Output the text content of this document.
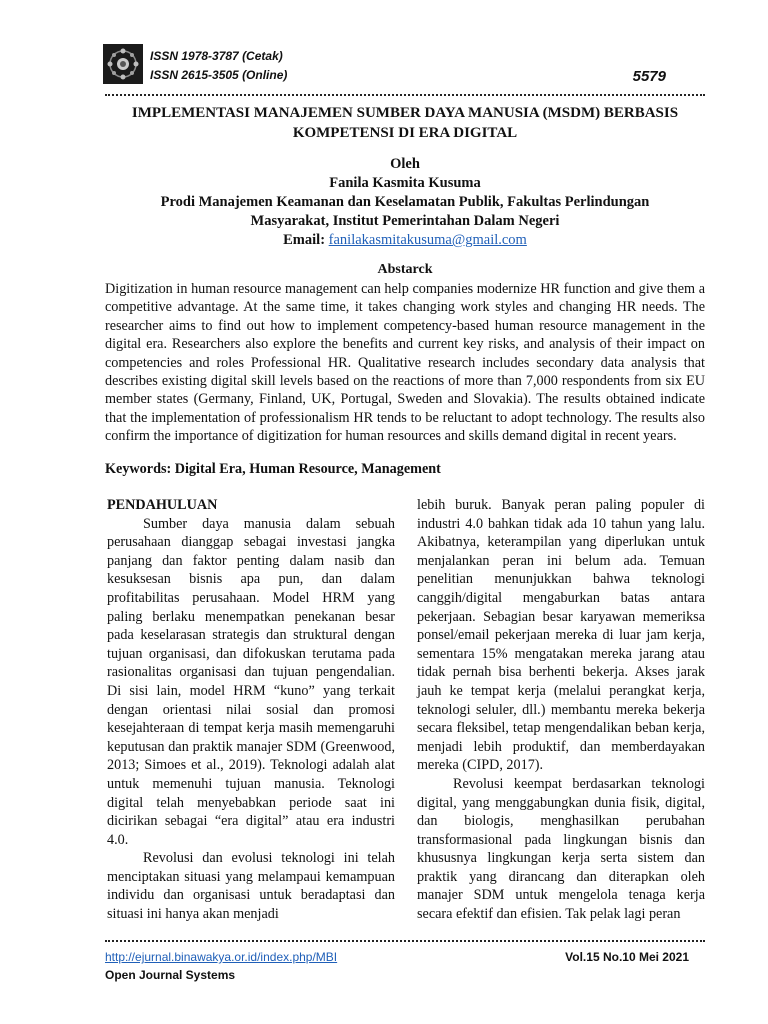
ISSN 1978-3787 (Cetak)
ISSN 2615-3505 (Online)	5579
IMPLEMENTASI MANAJEMEN SUMBER DAYA MANUSIA (MSDM) BERBASIS
KOMPETENSI DI ERA DIGITAL
Oleh
Fanila Kasmita Kusuma
Prodi Manajemen Keamanan dan Keselamatan Publik, Fakultas Perlindungan
Masyarakat, Institut Pemerintahan Dalam Negeri
Email: fanilakasmitakusuma@gmail.com
Abstarck
Digitization in human resource management can help companies modernize HR function and give them a competitive advantage. At the same time, it takes changing work styles and changing HR needs. The researcher aims to find out how to implement competency-based human resource management in the digital era. Researchers also explore the benefits and current key risks, and analysis of their impact on competencies and roles Professional HR. Qualitative research includes secondary data analysis that describes existing digital skill levels based on the reactions of more than 7,000 respondents from six EU member states (Germany, Finland, UK, Portugal, Sweden and Slovakia). The results obtained indicate that the implementation of professionalism HR tends to be reluctant to adopt technology. The results also confirm the importance of digitization for human resources and skills demand digital in recent years.
Keywords: Digital Era, Human Resource, Management

PENDAHULUAN

Sumber daya manusia dalam sebuah perusahaan dianggap sebagai investasi jangka panjang dan faktor penting dalam nasib dan kesuksesan bisnis apa pun, dan dalam profitabilitas perusahaan. Model HRM yang paling berlaku menempatkan penekanan besar pada keselarasan strategis dan struktural dengan tujuan organisasi, dan difokuskan terutama pada rasionalitas organisasi dan tujuan pengendalian. Di sisi lain, model HRM “kuno” yang terkait dengan orientasi nilai sosial dan promosi kesejahteraan di tempat kerja masih memengaruhi keputusan dan praktik manajer SDM (Greenwood, 2013; Simoes et al., 2019). Teknologi adalah alat untuk memenuhi tujuan manusia. Teknologi digital telah menyebabkan periode saat ini dicirikan sebagai “era digital” atau era industri 4.0.

Revolusi dan evolusi teknologi ini telah menciptakan situasi yang melampaui kemampuan individu dan organisasi untuk beradaptasi dan situasi ini hanya akan menjadi

lebih buruk. Banyak peran paling populer di industri 4.0 bahkan tidak ada 10 tahun yang lalu. Akibatnya, keterampilan yang diperlukan untuk menjalankan peran ini belum ada. Temuan penelitian menunjukkan bahwa teknologi canggih/digital mengaburkan batas antara pekerjaan. Sebagian besar karyawan memeriksa ponsel/email pekerjaan mereka di luar jam kerja, sementara 15% mengatakan mereka jarang atau tidak pernah bisa berhenti bekerja. Akses jarak jauh ke tempat kerja (melalui perangkat kerja, teknologi seluler, dll.) membantu mereka bekerja secara fleksibel, tetap mengendalikan beban kerja, menjadi lebih produktif, dan memberdayakan mereka (CIPD, 2017).

Revolusi keempat berdasarkan teknologi digital, yang menggabungkan dunia fisik, digital, dan biologis, menghasilkan perubahan transformasional pada lingkungan bisnis dan khususnya lingkungan kerja serta sistem dan praktik yang dirancang dan diterapkan oleh manajer SDM untuk mengelola tenaga kerja secara efektif dan efisien. Tak pelak lagi peran

http://ejurnal.binawakya.or.id/index.php/MBI
Open Journal Systems
Vol.15 No.10 Mei 2021
